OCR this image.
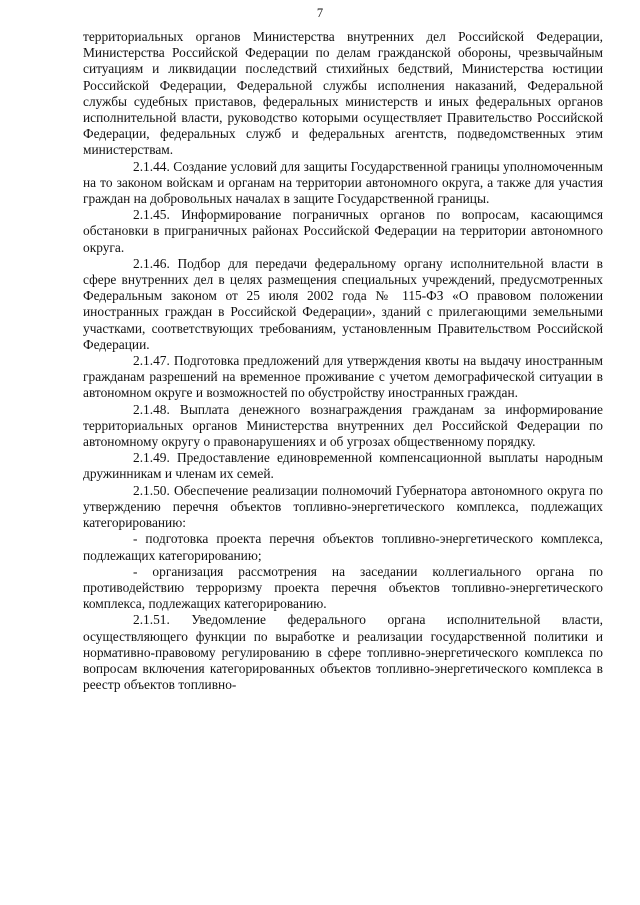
7

территориальных органов Министерства внутренних дел Российской Федерации, Министерства Российской Федерации по делам гражданской обороны, чрезвычайным ситуациям и ликвидации последствий стихийных бедствий, Министерства юстиции Российской Федерации, Федеральной службы исполнения наказаний, Федеральной службы судебных приставов, федеральных министерств и иных федеральных органов исполнительной власти, руководство которыми осуществляет Правительство Российской Федерации, федеральных служб и федеральных агентств, подведомственных этим министерствам.

2.1.44. Создание условий для защиты Государственной границы уполномоченным на то законом войскам и органам на территории автономного округа, а также для участия граждан на добровольных началах в защите Государственной границы.

2.1.45. Информирование пограничных органов по вопросам, касающимся обстановки в приграничных районах Российской Федерации на территории автономного округа.

2.1.46. Подбор для передачи федеральному органу исполнительной власти в сфере внутренних дел в целях размещения специальных учреждений, предусмотренных Федеральным законом от 25 июля 2002 года № 115-ФЗ «О правовом положении иностранных граждан в Российской Федерации», зданий с прилегающими земельными участками, соответствующих требованиям, установленным Правительством Российской Федерации.

2.1.47. Подготовка предложений для утверждения квоты на выдачу иностранным гражданам разрешений на временное проживание с учетом демографической ситуации в автономном округе и возможностей по обустройству иностранных граждан.

2.1.48. Выплата денежного вознаграждения гражданам за информирование территориальных органов Министерства внутренних дел Российской Федерации по автономному округу о правонарушениях и об угрозах общественному порядку.

2.1.49. Предоставление единовременной компенсационной выплаты народным дружинникам и членам их семей.

2.1.50. Обеспечение реализации полномочий Губернатора автономного округа по утверждению перечня объектов топливно-энергетического комплекса, подлежащих категорированию:

- подготовка проекта перечня объектов топливно-энергетического комплекса, подлежащих категорированию;

- организация рассмотрения на заседании коллегиального органа по противодействию терроризму проекта перечня объектов топливно-энергетического комплекса, подлежащих категорированию.

2.1.51. Уведомление федерального органа исполнительной власти, осуществляющего функции по выработке и реализации государственной политики и нормативно-правовому регулированию в сфере топливно-энергетического комплекса по вопросам включения категорированных объектов топливно-энергетического комплекса в реестр объектов топливно-
